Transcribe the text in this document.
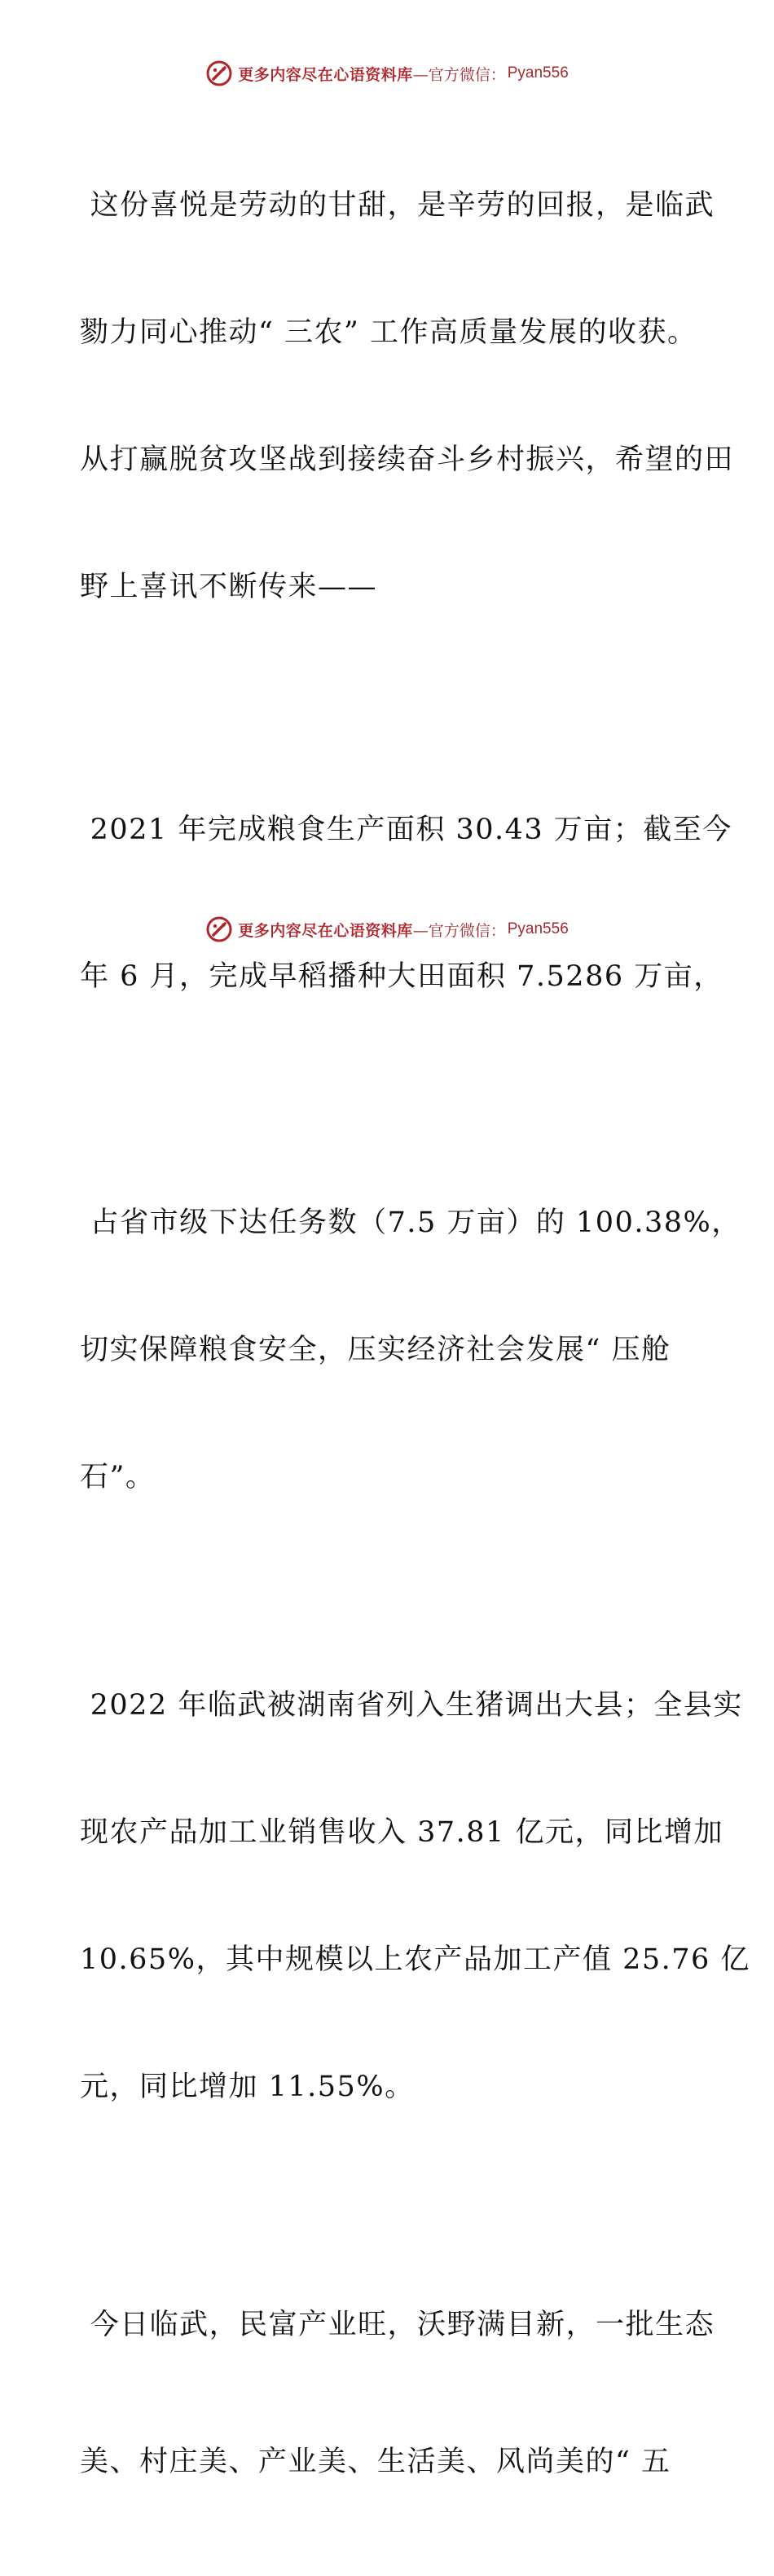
更多内容尽在心语资料库 —官方微信： Pyan556

这份喜悦是劳动的甘甜，是辛劳的回报，是临武

勠力同心推动“ 三农” 工作高质量发展的收获。

从打赢脱贫攻坚战到接续奋斗乡村振兴，希望的田

野上喜讯不断传来——

2021 年完成粮食生产面积 30.43 万亩；截至今

年 6 月，完成早稻播种大田面积 7.5286 万亩，

占省市级下达任务数（7.5 万亩）的 100.38%，

切实保障粮食安全，压实经济社会发展“ 压舱

石”。

2022 年临武被湖南省列入生猪调出大县；全县实

现农产品加工业销售收入 37.81 亿元，同比增加

10.65%，其中规模以上农产品加工产值 25.76 亿

元，同比增加 11.55%。

今日临武，民富产业旺，沃野满目新，一批生态

美、村庄美、产业美、生活美、风尚美的“ 五

更多内容尽在心语资料库 —官方微信： Pyan556
